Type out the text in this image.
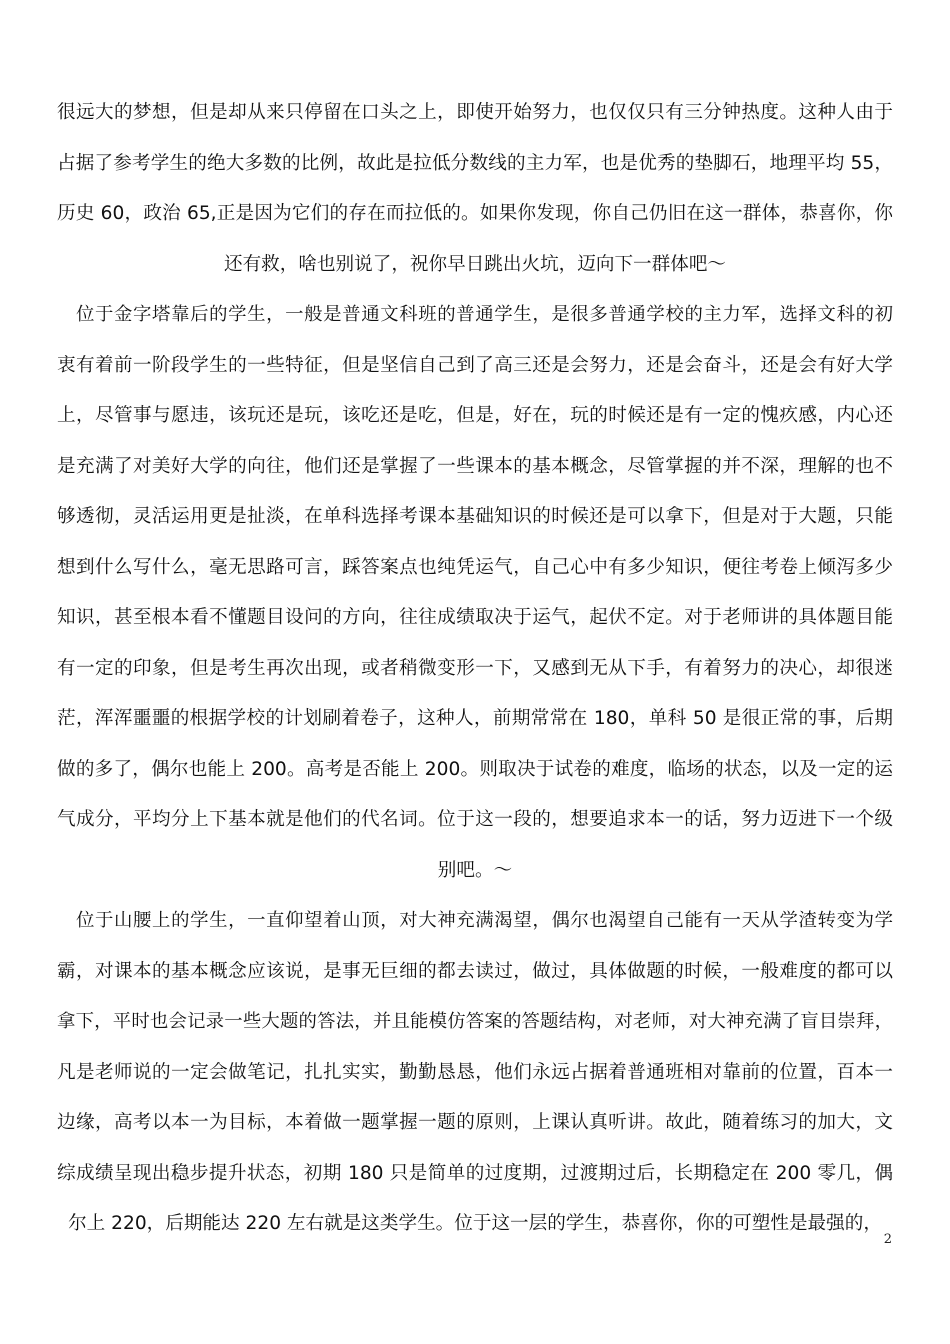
很远大的梦想，但是却从来只停留在口头之上，即使开始努力，也仅仅只有三分钟热度。这种人由于
占据了参考学生的绝大多数的比例，故此是拉低分数线的主力军，也是优秀的垫脚石，地理平均 55，
历史 60，政治 65,正是因为它们的存在而拉低的。如果你发现，你自己仍旧在这一群体，恭喜你，你
还有救，啥也别说了，祝你早日跳出火坑，迈向下一群体吧～
位于金字塔靠后的学生，一般是普通文科班的普通学生，是很多普通学校的主力军，选择文科的初
衷有着前一阶段学生的一些特征，但是坚信自己到了高三还是会努力，还是会奋斗，还是会有好大学
上，尽管事与愿违，该玩还是玩，该吃还是吃，但是，好在，玩的时候还是有一定的愧疚感，内心还
是充满了对美好大学的向往，他们还是掌握了一些课本的基本概念，尽管掌握的并不深，理解的也不
够透彻，灵活运用更是扯淡，在单科选择考课本基础知识的时候还是可以拿下，但是对于大题，只能
想到什么写什么，毫无思路可言，踩答案点也纯凭运气，自己心中有多少知识，便往考卷上倾泻多少
知识，甚至根本看不懂题目设问的方向，往往成绩取决于运气，起伏不定。对于老师讲的具体题目能
有一定的印象，但是考生再次出现，或者稍微变形一下，又感到无从下手，有着努力的决心，却很迷
茫，浑浑噩噩的根据学校的计划刷着卷子，这种人，前期常常在 180，单科 50 是很正常的事，后期
做的多了，偶尔也能上 200。高考是否能上 200。则取决于试卷的难度，临场的状态，以及一定的运
气成分，平均分上下基本就是他们的代名词。位于这一段的，想要追求本一的话，努力迈进下一个级
别吧。～
位于山腰上的学生，一直仰望着山顶，对大神充满渴望，偶尔也渴望自己能有一天从学渣转变为学
霸，对课本的基本概念应该说，是事无巨细的都去读过，做过，具体做题的时候，一般难度的都可以
拿下，平时也会记录一些大题的答法，并且能模仿答案的答题结构，对老师，对大神充满了盲目崇拜，
凡是老师说的一定会做笔记，扎扎实实，勤勤恳恳，他们永远占据着普通班相对靠前的位置，百本一
边缘，高考以本一为目标，本着做一题掌握一题的原则，上课认真听讲。故此，随着练习的加大，文
综成绩呈现出稳步提升状态，初期 180 只是简单的过度期，过渡期过后，长期稳定在 200 零几，偶
尔上 220，后期能达 220 左右就是这类学生。位于这一层的学生，恭喜你，你的可塑性是最强的，
2
